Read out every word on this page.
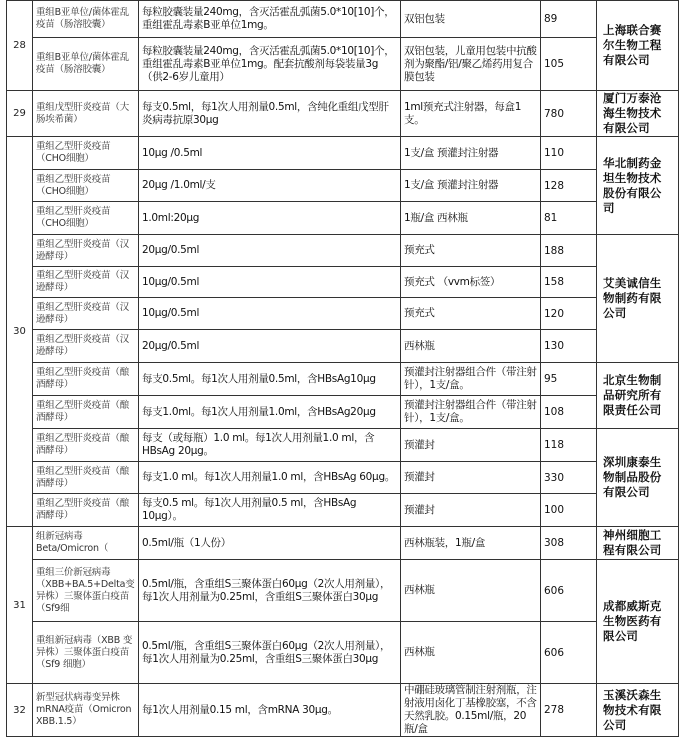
28	重组B亚单位/菌体霍乱疫苗（肠溶胶囊）	每粒胶囊装量240mg，含灭活霍乱弧菌5.0*10[10]个，重组霍乱毒素B亚单位1mg。	双铝包装	89	上海联合赛尔生物工程有限公司
	重组B亚单位/菌体霍乱疫苗（肠溶胶囊）	每粒胶囊装量240mg，含灭活霍乱弧菌5.0*10[10]个，重组霍乱毒素B亚单位1mg。配套抗酸剂每袋装量3g（供2-6岁儿童用）	双铝包装，儿童用包装中抗酸剂为聚酯/铝/聚乙烯药用复合膜包装	105	
29	重组戊型肝炎疫苗（大肠埃希菌）	每支0.5ml，每1次人用剂量0.5ml，含纯化重组戊型肝炎病毒抗原30μg	1ml预充式注射器，每盒1支。	780	厦门万泰沧海生物技术有限公司
30	重组乙型肝炎疫苗（CHO细胞）	10μg /0.5ml	1支/盒 预灌封注射器	110	华北制药金坦生物技术股份有限公司
	重组乙型肝炎疫苗（CHO细胞）	20μg /1.0ml/支	1支/盒 预灌封注射器	128	
	重组乙型肝炎疫苗（CHO细胞）	1.0ml:20μg	1瓶/盒 西林瓶	81	
	重组乙型肝炎疫苗（汉逊酵母）	20μg/0.5ml	预充式	188	艾美诚信生物制药有限公司
	重组乙型肝炎疫苗（汉逊酵母）	10μg/0.5ml	预充式 （vvm标签）	158	
	重组乙型肝炎疫苗（汉逊酵母）	10μg/0.5ml	预充式	120	
	重组乙型肝炎疫苗（汉逊酵母）	20μg/0.5ml	西林瓶	130	
	重组乙型肝炎疫苗（酿酒酵母）	每支0.5ml。每1次人用剂量0.5ml，含HBsAg10μg	预灌封注射器组合件（带注射针），1支/盒。	95	北京生物制品研究所有限责任公司
	重组乙型肝炎疫苗（酿酒酵母）	每支1.0ml。每1次人用剂量1.0ml，含HBsAg20μg	预灌封注射器组合件（带注射针），1支/盒。	108	
	重组乙型肝炎疫苗（酿酒酵母）	每支（或每瓶）1.0 ml。每1次人用剂量1.0 ml，含HBsAg 20μg。	预灌封	118	深圳康泰生物制品股份有限公司
	重组乙型肝炎疫苗（酿酒酵母）	每支1.0 ml。每1次人用剂量1.0 ml，含HBsAg 60μg。	预灌封	330	
	重组乙型肝炎疫苗（酿酒酵母）	每支0.5 ml。每1次人用剂量0.5 ml，含HBsAg 10μg）。	预灌封	100	
31	组新冠病毒Beta/Omicron（	0.5ml/瓶（1人份）	西林瓶装，1瓶/盒	308	神州细胞工程有限公司
	重组三价新冠病毒（XBB+BA.5+Delta变异株）三聚体蛋白疫苗（Sf9细	0.5ml/瓶，含重组S三聚体蛋白60μg（2次人用剂量），每1次人用剂量为0.25ml，含重组S三聚体蛋白30μg	西林瓶	606	成都威斯克生物医药有限公司
	重组新冠病毒（XBB 变异株）三聚体蛋白疫苗（Sf9 细胞）	0.5ml/瓶，含重组S三聚体蛋白60μg（2次人用剂量），每1次人用剂量为0.25ml，含重组S三聚体蛋白30μg	西林瓶	606	
32	新型冠状病毒变异株mRNA疫苗（Omicron XBB.1.5）	每1次人用剂量0.15 ml，含mRNA 30μg。	中硼硅玻璃管制注射剂瓶，注射液用卤化丁基橡胶塞，不含天然乳胶。0.15ml/瓶，20瓶/盒	278	玉溪沃森生物技术有限公司
